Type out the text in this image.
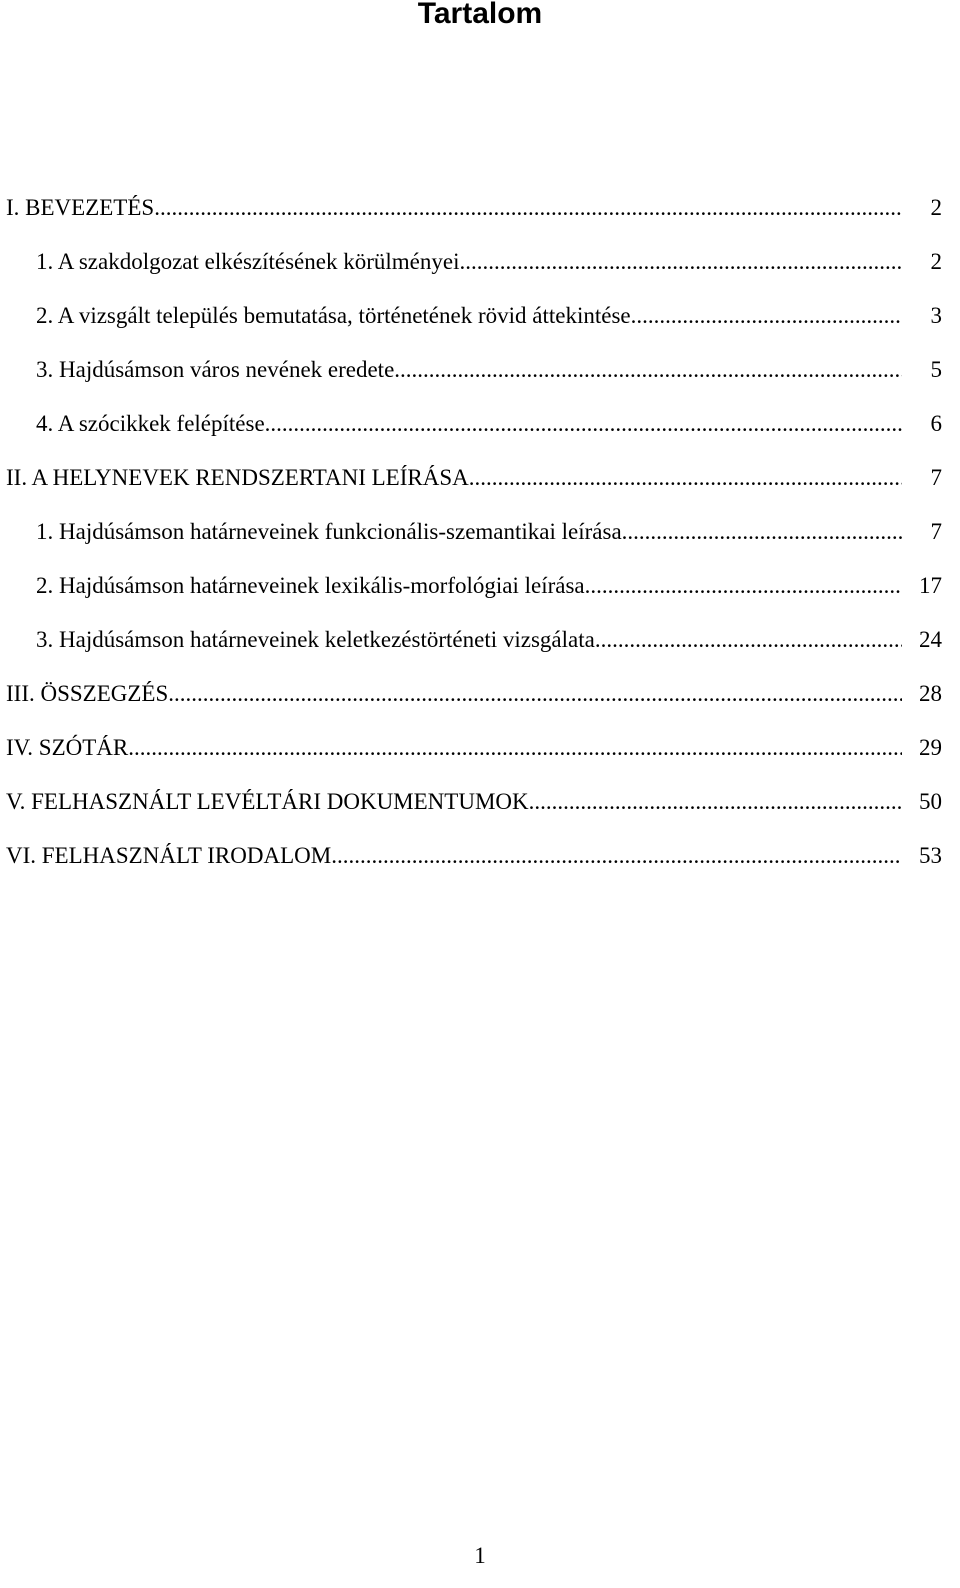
Tartalom
I. BEVEZETÉS .....	2
1. A szakdolgozat elkészítésének körülményei .....	2
2. A vizsgált település bemutatása, történetének rövid áttekintése .....	3
3. Hajdúsámson város nevének eredete .....	5
4. A szócikkek felépítése .....	6
II. A HELYNEVEK RENDSZERTANI LEÍRÁSA .....	7
1. Hajdúsámson határneveinek funkcionális-szemantikai leírása .....	7
2. Hajdúsámson határneveinek lexikális-morfológiai leírása .....	17
3. Hajdúsámson határneveinek keletkezéstörténeti vizsgálata .....	24
III. ÖSSZEGZÉS .....	28
IV. SZÓTÁR .....	29
V. FELHASZNÁLT LEVÉLTÁRI DOKUMENTUMOK .....	50
VI. FELHASZNÁLT IRODALOM .....	53
1
